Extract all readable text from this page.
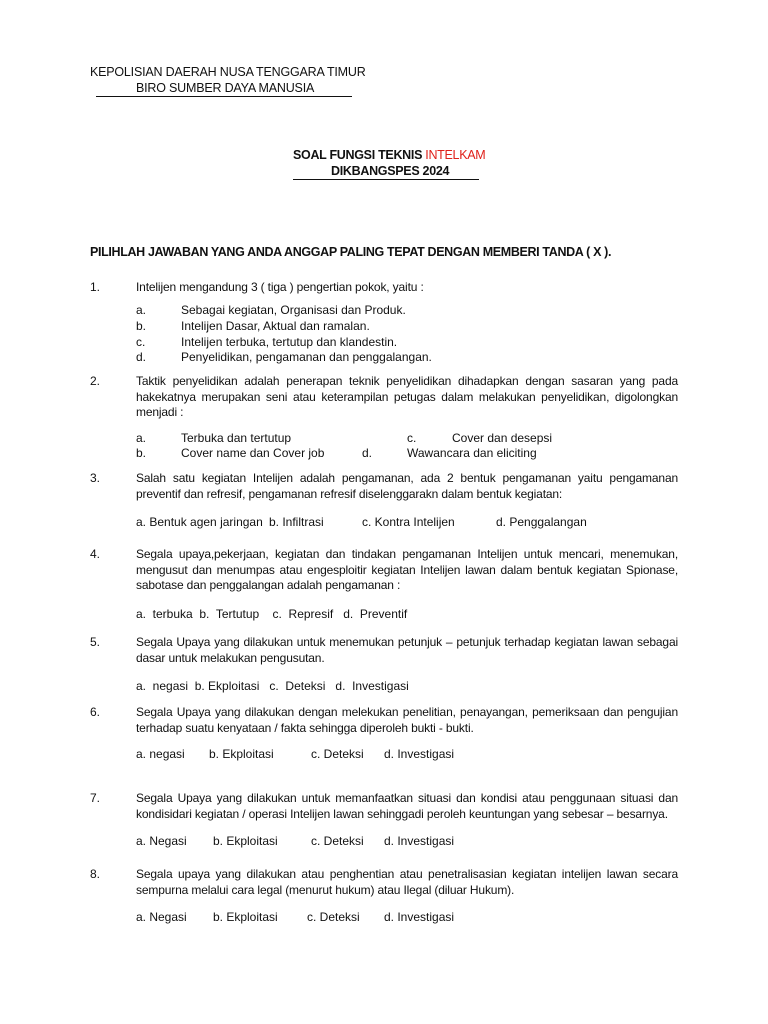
KEPOLISIAN DAERAH NUSA TENGGARA TIMUR
BIRO SUMBER DAYA MANUSIA
SOAL FUNGSI TEKNIS INTELKAM
DIKBANGSPES 2024
PILIHLAH JAWABAN YANG ANDA ANGGAP PALING TEPAT DENGAN MEMBERI TANDA ( X ).
1.	Intelijen mengandung 3 ( tiga ) pengertian pokok, yaitu :
a.	Sebagai kegiatan, Organisasi dan Produk.
b.	Intelijen Dasar, Aktual dan ramalan.
c.	Intelijen terbuka, tertutup dan klandestin.
d.	Penyelidikan, pengamanan dan penggalangan.
2.	Taktik penyelidikan adalah penerapan teknik penyelidikan dihadapkan dengan sasaran yang pada hakekatnya merupakan seni atau keterampilan petugas dalam melakukan penyelidikan, digolongkan menjadi :
a.	Terbuka dan tertutup	c.	Cover dan desepsi
b.	Cover name dan Cover job	d.	Wawancara dan eliciting
3.	Salah satu kegiatan Intelijen adalah pengamanan, ada 2 bentuk pengamanan yaitu pengamanan preventif dan refresif, pengamanan refresif diselenggarakn dalam bentuk kegiatan:
a. Bentuk agen jaringan b. Infiltrasi	c. Kontra Intelijen	d. Penggalangan
4.	Segala upaya,pekerjaan, kegiatan dan tindakan pengamanan Intelijen untuk mencari, menemukan, mengusut dan menumpas atau engesploitir kegiatan Intelijen lawan dalam bentuk kegiatan Spionase, sabotase dan penggalangan adalah pengamanan :
a.  terbuka  b.  Tertutup    c.  Represif   d.  Preventif
5.	Segala Upaya yang dilakukan untuk menemukan petunjuk – petunjuk terhadap kegiatan lawan sebagai dasar untuk melakukan pengusutan.
a.  negasi  b. Ekploitasi   c.  Deteksi   d.  Investigasi
6.	Segala Upaya yang dilakukan dengan melekukan penelitian, penayangan, pemeriksaan dan pengujian terhadap suatu kenyataan / fakta sehingga diperoleh bukti - bukti.
a. negasi b. Ekploitasi	c. Deteksi d. Investigasi
7.	Segala Upaya yang dilakukan untuk memanfaatkan situasi dan kondisi atau penggunaan situasi dan kondisidari kegiatan / operasi Intelijen lawan sehinggadi peroleh keuntungan yang sebesar – besarnya.
a. Negasi b. Ekploitasi	c. Deteksi d. Investigasi
8.	Segala upaya yang dilakukan atau penghentian atau penetralisasian kegiatan intelijen lawan secara sempurna melalui cara legal (menurut hukum) atau Ilegal (diluar Hukum).
a. Negasi b. Ekploitasi c. Deteksi d. Investigasi
